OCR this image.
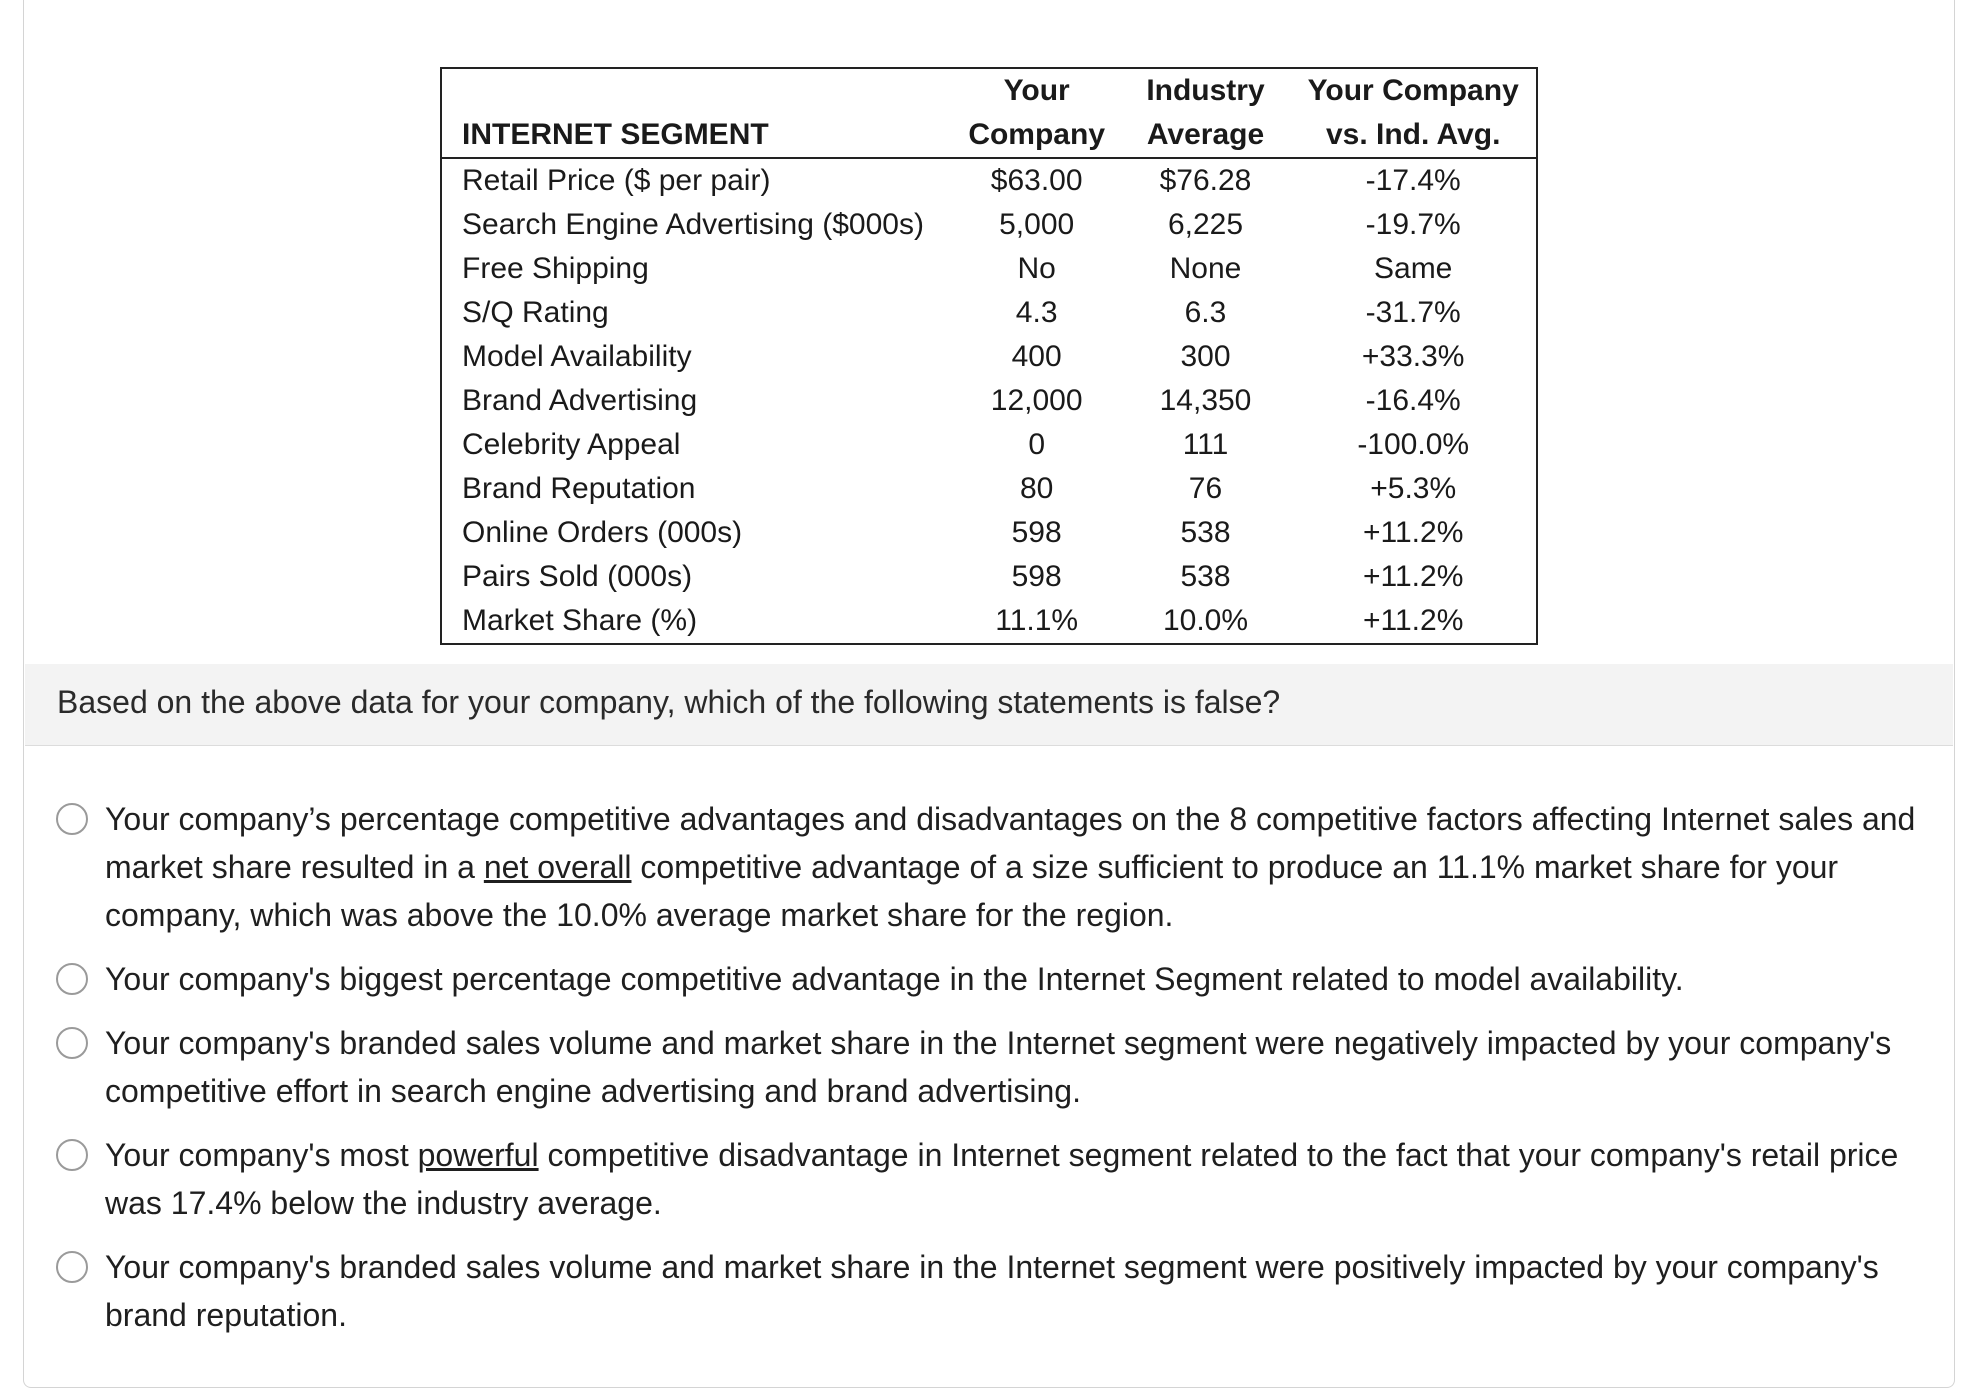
	Your	Industry	Your Company
INTERNET SEGMENT	Company	Average	vs. Ind. Avg.
Retail Price ($ per pair)	$63.00	$76.28	-17.4%
Search Engine Advertising ($000s)	5,000	6,225	-19.7%
Free Shipping	No	None	Same
S/Q Rating	4.3	6.3	-31.7%
Model Availability	400	300	+33.3%
Brand Advertising	12,000	14,350	-16.4%
Celebrity Appeal	0	111	-100.0%
Brand Reputation	80	76	+5.3%
Online Orders (000s)	598	538	+11.2%
Pairs Sold (000s)	598	538	+11.2%
Market Share (%)	11.1%	10.0%	+11.2%
Based on the above data for your company, which of the following statements is false?
Your company’s percentage competitive advantages and disadvantages on the 8 competitive factors affecting Internet sales and market share resulted in a net overall competitive advantage of a size sufficient to produce an 11.1% market share for your company, which was above the 10.0% average market share for the region.
Your company's biggest percentage competitive advantage in the Internet Segment related to model availability.
Your company's branded sales volume and market share in the Internet segment were negatively impacted by your company's competitive effort in search engine advertising and brand advertising.
Your company's most powerful competitive disadvantage in Internet segment related to the fact that your company's retail price was 17.4% below the industry average.
Your company's branded sales volume and market share in the Internet segment were positively impacted by your company's brand reputation.
